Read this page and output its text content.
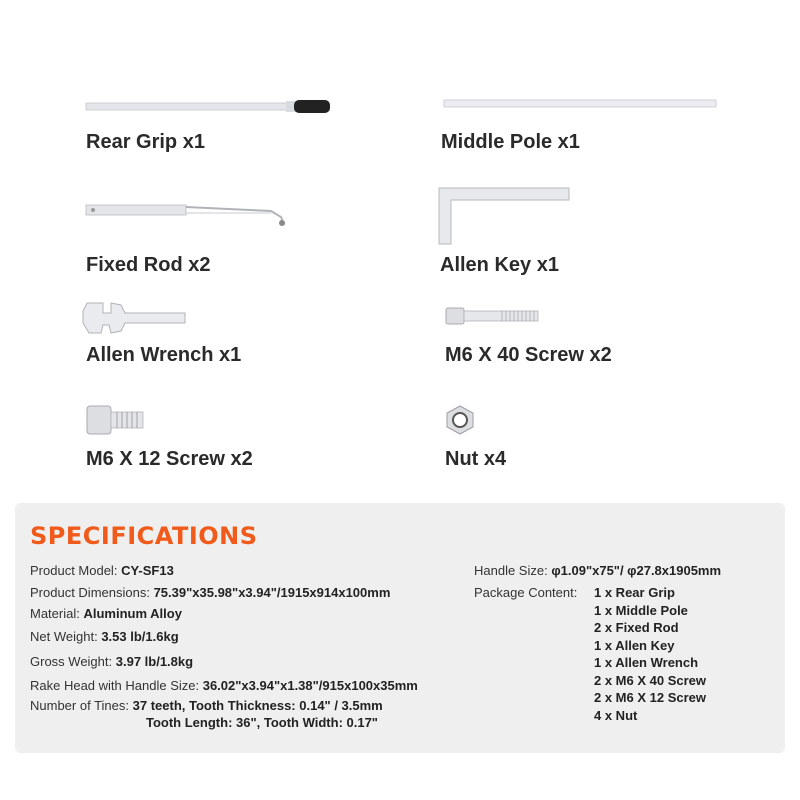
Rear Grip x1	Middle Pole x1
Fixed Rod x2	Allen Key x1
Allen Wrench x1	M6 X 40 Screw x2
M6 X 12 Screw x2	Nut x4
SPECIFICATIONS
Product Model: CY-SF13
Product Dimensions: 75.39"x35.98"x3.94"/1915x914x100mm
Material: Aluminum Alloy
Net Weight: 3.53 lb/1.6kg
Gross Weight: 3.97 lb/1.8kg
Rake Head with Handle Size: 36.02"x3.94"x1.38"/915x100x35mm
Number of Tines: 37 teeth, Tooth Thickness: 0.14" / 3.5mm
Tooth Length: 36", Tooth Width: 0.17"
Handle Size: φ1.09"x75"/ φ27.8x1905mm
Package Content: 1 x Rear Grip
1 x Middle Pole
2 x Fixed Rod
1 x Allen Key
1 x Allen Wrench
2 x M6 X 40 Screw
2 x M6 X 12 Screw
4 x Nut
